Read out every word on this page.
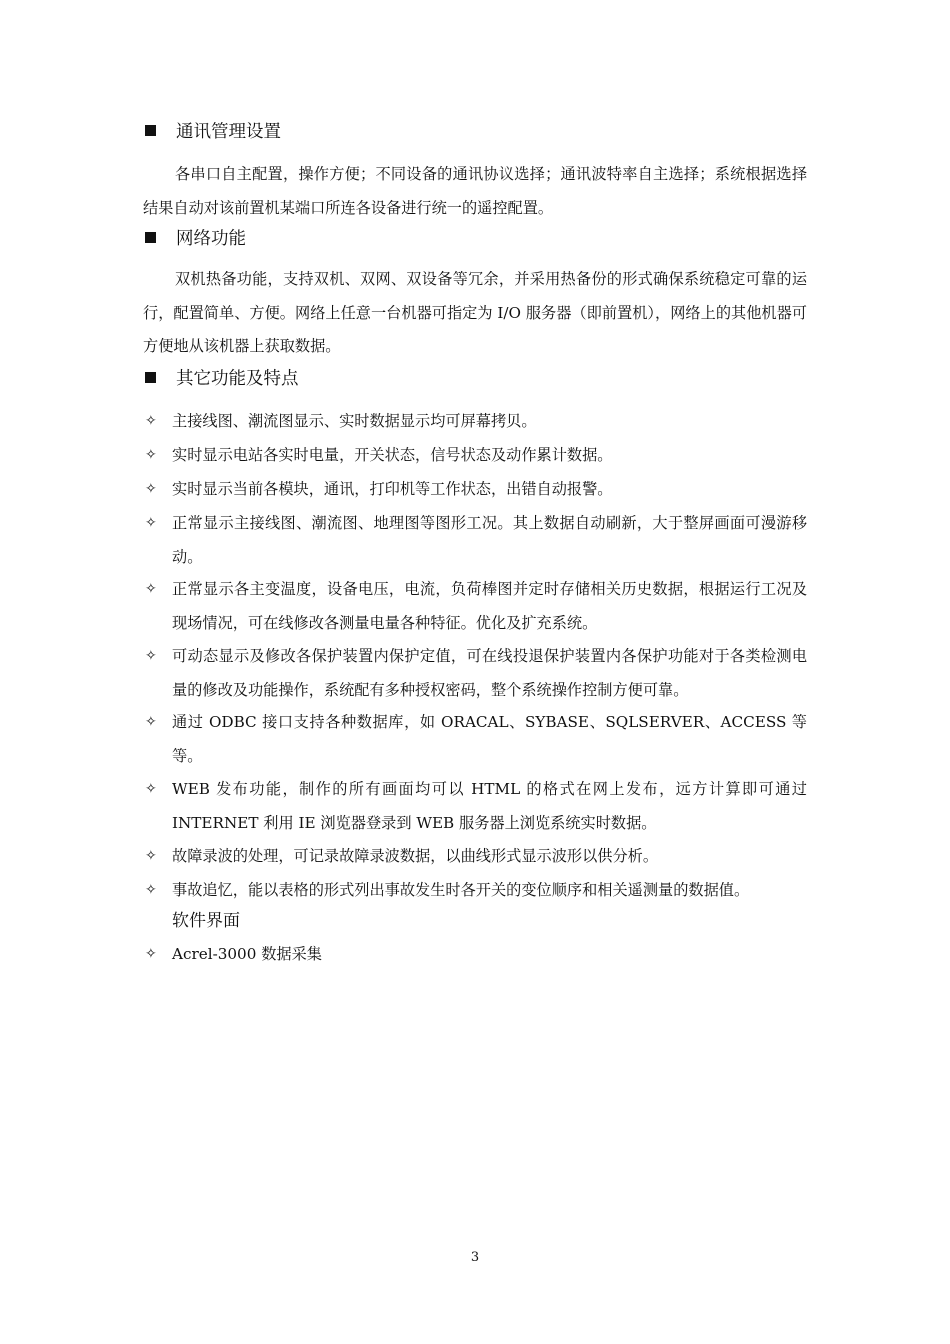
通讯管理设置
各串口自主配置，操作方便；不同设备的通讯协议选择；通讯波特率自主选择；系统根据选择结果自动对该前置机某端口所连各设备进行统一的遥控配置。
网络功能
双机热备功能，支持双机、双网、双设备等冗余，并采用热备份的形式确保系统稳定可靠的运行，配置简单、方便。网络上任意一台机器可指定为 I/O 服务器（即前置机），网络上的其他机器可方便地从该机器上获取数据。
其它功能及特点
✧ 主接线图、潮流图显示、实时数据显示均可屏幕拷贝。
✧ 实时显示电站各实时电量，开关状态，信号状态及动作累计数据。
✧ 实时显示当前各模块，通讯，打印机等工作状态，出错自动报警。
✧ 正常显示主接线图、潮流图、地理图等图形工况。其上数据自动刷新，大于整屏画面可漫游移动。
✧ 正常显示各主变温度，设备电压，电流，负荷棒图并定时存储相关历史数据，根据运行工况及现场情况，可在线修改各测量电量各种特征。优化及扩充系统。
✧ 可动态显示及修改各保护装置内保护定值，可在线投退保护装置内各保护功能对于各类检测电量的修改及功能操作，系统配有多种授权密码，整个系统操作控制方便可靠。
✧ 通过 ODBC 接口支持各种数据库，如 ORACAL、SYBASE、SQLSERVER、ACCESS 等等。
✧ WEB 发布功能，制作的所有画面均可以 HTML 的格式在网上发布，远方计算即可通过 INTERNET 利用 IE 浏览器登录到 WEB 服务器上浏览系统实时数据。
✧ 故障录波的处理，可记录故障录波数据，以曲线形式显示波形以供分析。
✧ 事故追忆，能以表格的形式列出事故发生时各开关的变位顺序和相关遥测量的数据值。
软件界面
✧ Acrel-3000 数据采集
3
